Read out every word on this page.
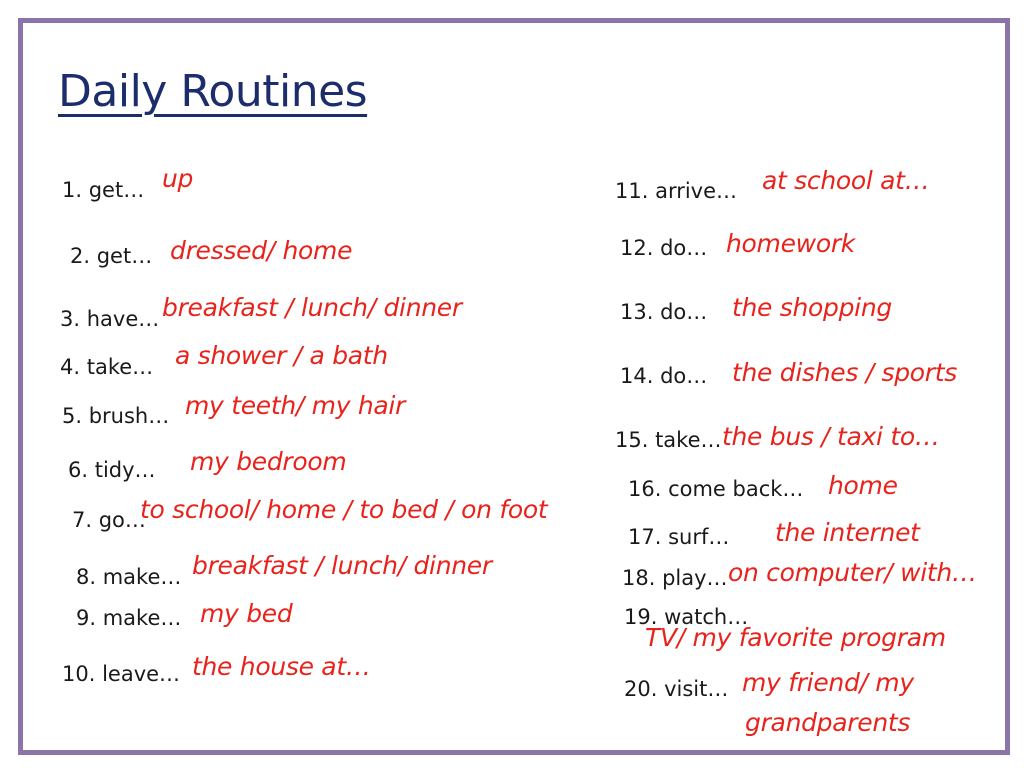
Daily Routines
1. get… up
2. get… dressed/ home
3. have… breakfast / lunch/ dinner
4. take… a shower / a bath
5. brush… my teeth/ my hair
6. tidy… my bedroom
7. go…
to school/ home / to bed / on foot
8. make… breakfast / lunch/ dinner
9. make… my bed
10. leave… the house at…
11. arrive… at school at…
12. do… homework
13. do… the shopping
14. do… the dishes / sports
15. take… the bus / taxi to…
16. come back… home
17. surf… the internet
18. play… on computer/ with…
19. watch…
TV/ my favorite program
20. visit… my friend/ my
grandparents
